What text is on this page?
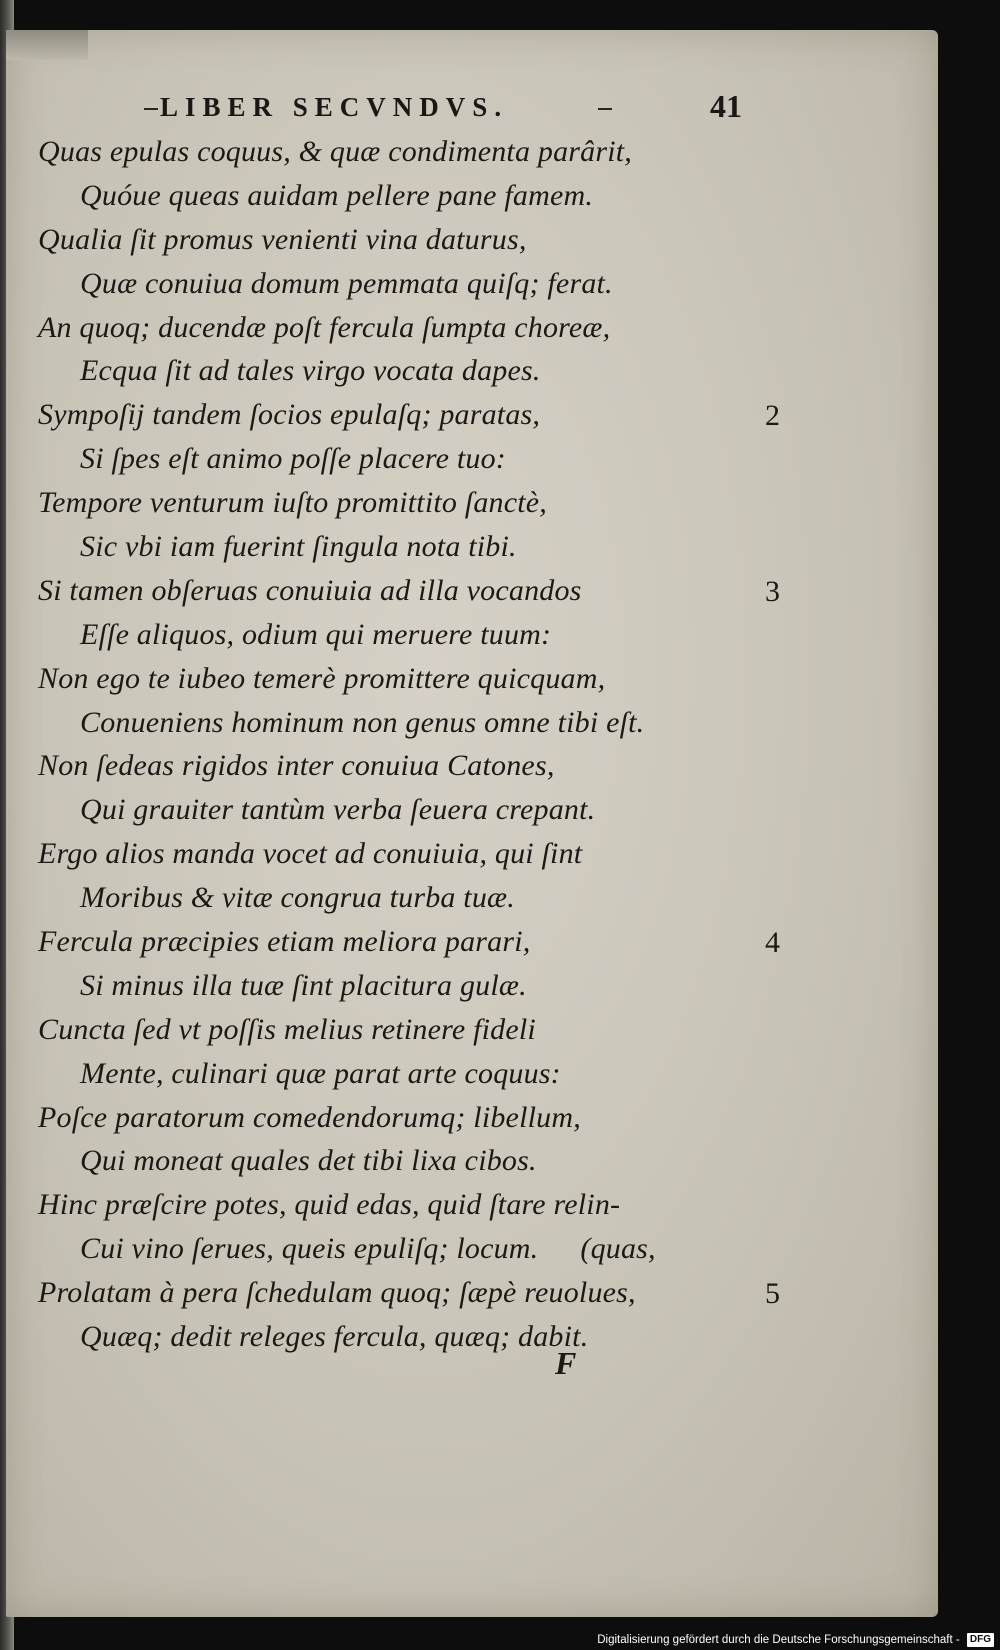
LIBER SECVNDVS.	41
Quas epulas coquus, & quæ condimenta parârit,
Quóue queas auidam pellere pane famem.
Qualia ſit promus venienti vina daturus,
Quæ conuiua domum pemmata quiſq; ferat.
An quoq; ducendæ poſt fercula ſumpta choreæ,
Ecqua ſit ad tales virgo vocata dapes.
Sympoſij tandem ſocios epulaſq; paratas,
Si ſpes eſt animo poſſe placere tuo:
Tempore venturum iuſto promittito ſanctè,
Sic vbi iam fuerint ſingula nota tibi.
Si tamen obſeruas conuiuia ad illa vocandos
Eſſe aliquos, odium qui meruere tuum:
Non ego te iubeo temerè promittere quicquam,
Conueniens hominum non genus omne tibi eſt.
Non ſedeas rigidos inter conuiua Catones,
Qui grauiter tantùm verba ſeuera crepant.
Ergo alios manda vocet ad conuiuia, qui ſint
Moribus & vitæ congrua turba tuæ.
Fercula præcipies etiam meliora parari,
Si minus illa tuæ ſint placitura gulæ.
Cuncta ſed vt poſſis melius retinere fideli
Mente, culinari quæ parat arte coquus:
Poſce paratorum comedendorumq; libellum,
Qui moneat quales det tibi lixa cibos.
Hinc præſcire potes, quid edas, quid ſtare relin-
Cui vino ſerues, queis epuliſq; locum. (quas,
Prolatam à pera ſchedulam quoq; ſæpè reuolues,
Quæq; dedit releges fercula, quæq; dabit.
2
3
4
5
F
Digitalisierung gefördert durch die Deutsche Forschungsgemeinschaft - DFG
